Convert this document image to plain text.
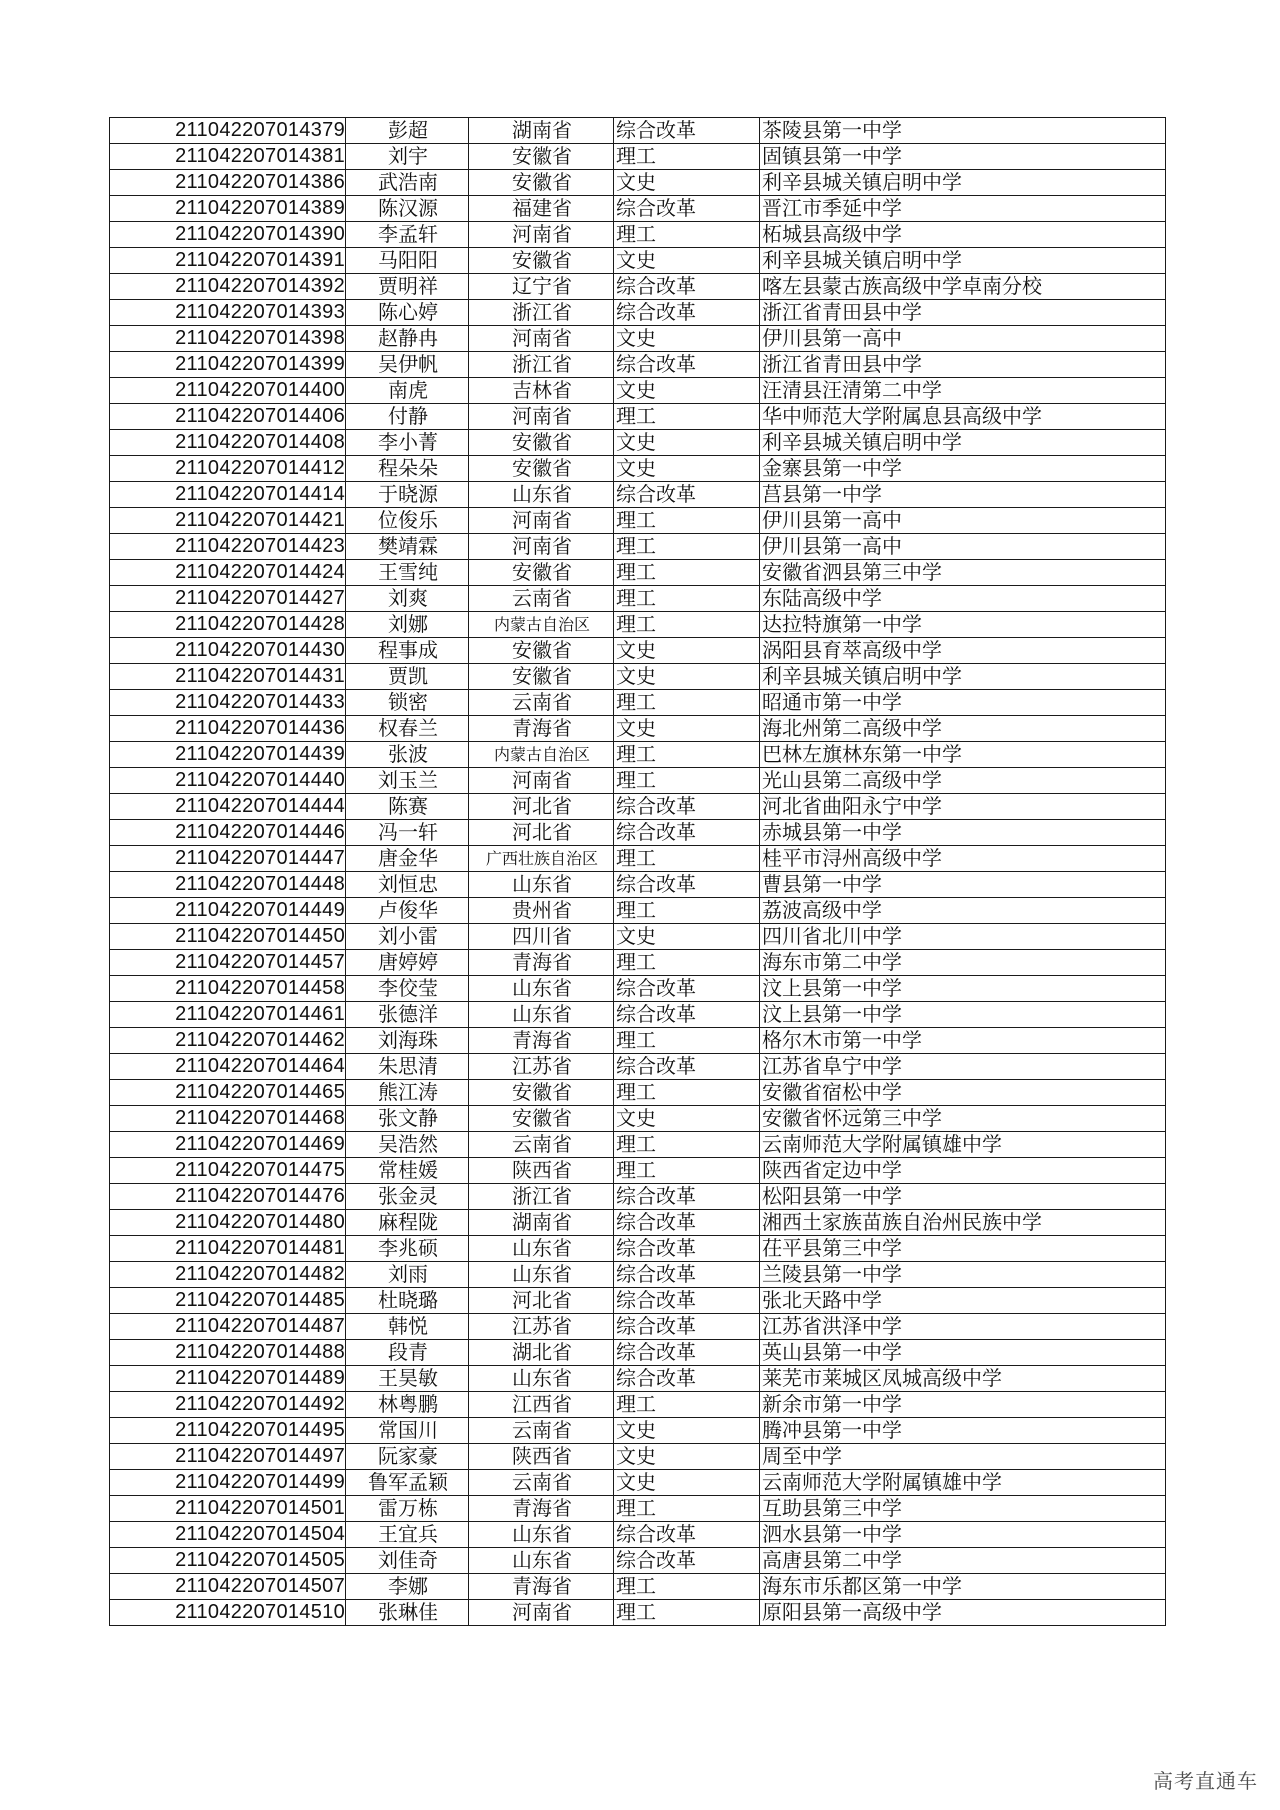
211042207014379	彭超	湖南省	综合改革	茶陵县第一中学
211042207014381	刘宇	安徽省	理工	固镇县第一中学
211042207014386	武浩南	安徽省	文史	利辛县城关镇启明中学
211042207014389	陈汉源	福建省	综合改革	晋江市季延中学
211042207014390	李孟轩	河南省	理工	柘城县高级中学
211042207014391	马阳阳	安徽省	文史	利辛县城关镇启明中学
211042207014392	贾明祥	辽宁省	综合改革	喀左县蒙古族高级中学卓南分校
211042207014393	陈心婷	浙江省	综合改革	浙江省青田县中学
211042207014398	赵静冉	河南省	文史	伊川县第一高中
211042207014399	吴伊帆	浙江省	综合改革	浙江省青田县中学
211042207014400	南虎	吉林省	文史	汪清县汪清第二中学
211042207014406	付静	河南省	理工	华中师范大学附属息县高级中学
211042207014408	李小菁	安徽省	文史	利辛县城关镇启明中学
211042207014412	程朵朵	安徽省	文史	金寨县第一中学
211042207014414	于晓源	山东省	综合改革	莒县第一中学
211042207014421	位俊乐	河南省	理工	伊川县第一高中
211042207014423	樊靖霖	河南省	理工	伊川县第一高中
211042207014424	王雪纯	安徽省	理工	安徽省泗县第三中学
211042207014427	刘爽	云南省	理工	东陆高级中学
211042207014428	刘娜	内蒙古自治区	理工	达拉特旗第一中学
211042207014430	程事成	安徽省	文史	涡阳县育萃高级中学
211042207014431	贾凯	安徽省	文史	利辛县城关镇启明中学
211042207014433	锁密	云南省	理工	昭通市第一中学
211042207014436	权春兰	青海省	文史	海北州第二高级中学
211042207014439	张波	内蒙古自治区	理工	巴林左旗林东第一中学
211042207014440	刘玉兰	河南省	理工	光山县第二高级中学
211042207014444	陈赛	河北省	综合改革	河北省曲阳永宁中学
211042207014446	冯一轩	河北省	综合改革	赤城县第一中学
211042207014447	唐金华	广西壮族自治区	理工	桂平市浔州高级中学
211042207014448	刘恒忠	山东省	综合改革	曹县第一中学
211042207014449	卢俊华	贵州省	理工	荔波高级中学
211042207014450	刘小雷	四川省	文史	四川省北川中学
211042207014457	唐婷婷	青海省	理工	海东市第二中学
211042207014458	李佼莹	山东省	综合改革	汶上县第一中学
211042207014461	张德洋	山东省	综合改革	汶上县第一中学
211042207014462	刘海珠	青海省	理工	格尔木市第一中学
211042207014464	朱思清	江苏省	综合改革	江苏省阜宁中学
211042207014465	熊江涛	安徽省	理工	安徽省宿松中学
211042207014468	张文静	安徽省	文史	安徽省怀远第三中学
211042207014469	吴浩然	云南省	理工	云南师范大学附属镇雄中学
211042207014475	常桂媛	陕西省	理工	陕西省定边中学
211042207014476	张金灵	浙江省	综合改革	松阳县第一中学
211042207014480	麻程陇	湖南省	综合改革	湘西土家族苗族自治州民族中学
211042207014481	李兆硕	山东省	综合改革	茌平县第三中学
211042207014482	刘雨	山东省	综合改革	兰陵县第一中学
211042207014485	杜晓璐	河北省	综合改革	张北天路中学
211042207014487	韩悦	江苏省	综合改革	江苏省洪泽中学
211042207014488	段青	湖北省	综合改革	英山县第一中学
211042207014489	王昊敏	山东省	综合改革	莱芜市莱城区凤城高级中学
211042207014492	林粤鹏	江西省	理工	新余市第一中学
211042207014495	常国川	云南省	文史	腾冲县第一中学
211042207014497	阮家豪	陕西省	文史	周至中学
211042207014499	鲁军孟颖	云南省	文史	云南师范大学附属镇雄中学
211042207014501	雷万栋	青海省	理工	互助县第三中学
211042207014504	王宜兵	山东省	综合改革	泗水县第一中学
211042207014505	刘佳奇	山东省	综合改革	高唐县第二中学
211042207014507	李娜	青海省	理工	海东市乐都区第一中学
211042207014510	张琳佳	河南省	理工	原阳县第一高级中学
高考直通车
